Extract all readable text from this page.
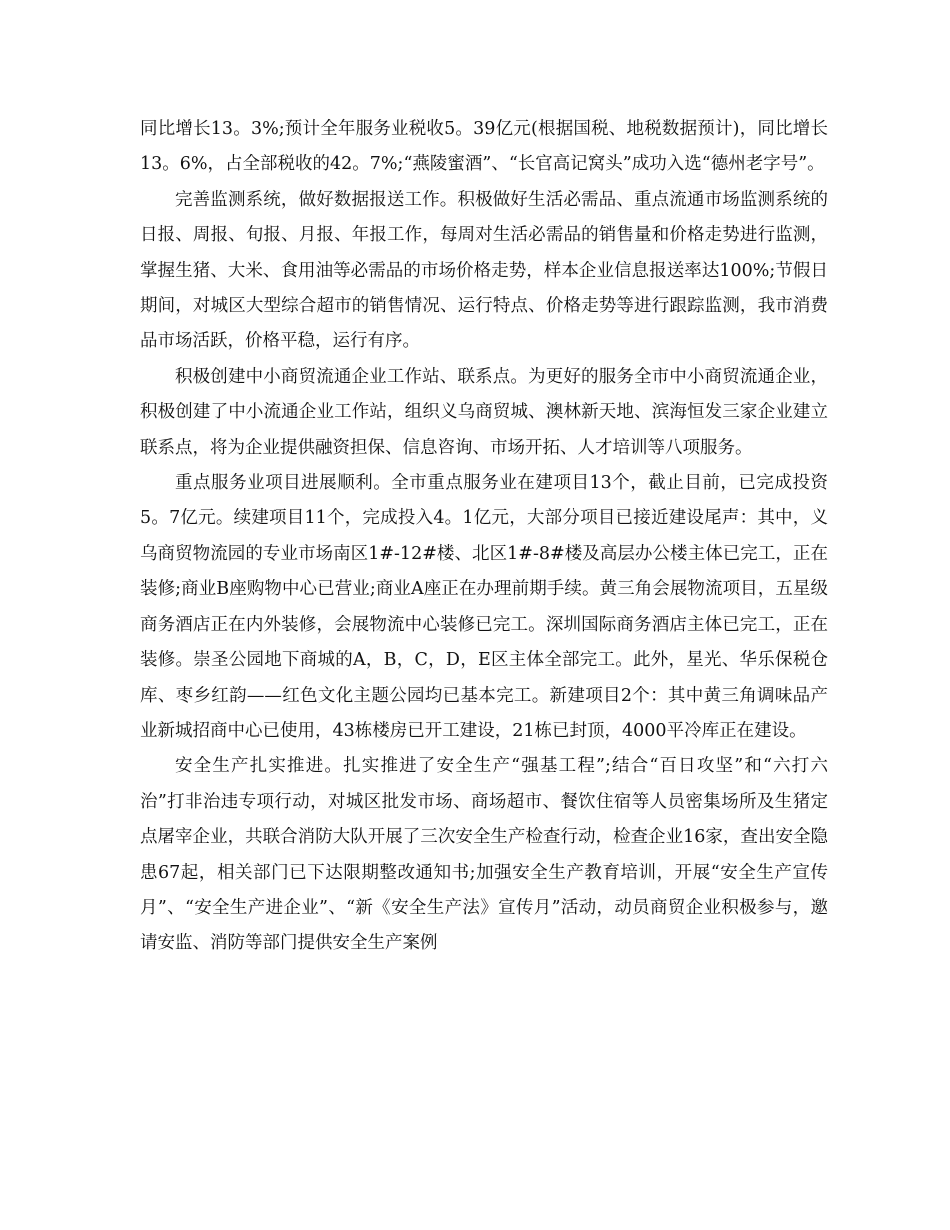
同比增长13。3%;预计全年服务业税收5。39亿元(根据国税、地税数据预计)，同比增长13。6%，占全部税收的42。7%;“燕陵蜜酒”、“长官高记窝头”成功入选“德州老字号”。

完善监测系统，做好数据报送工作。积极做好生活必需品、重点流通市场监测系统的日报、周报、旬报、月报、年报工作，每周对生活必需品的销售量和价格走势进行监测，掌握生猪、大米、食用油等必需品的市场价格走势，样本企业信息报送率达100%;节假日期间，对城区大型综合超市的销售情况、运行特点、价格走势等进行跟踪监测，我市消费品市场活跃，价格平稳，运行有序。

积极创建中小商贸流通企业工作站、联系点。为更好的服务全市中小商贸流通企业，积极创建了中小流通企业工作站，组织义乌商贸城、澳林新天地、滨海恒发三家企业建立联系点，将为企业提供融资担保、信息咨询、市场开拓、人才培训等八项服务。

重点服务业项目进展顺利。全市重点服务业在建项目13个，截止目前，已完成投资5。7亿元。续建项目11个，完成投入4。1亿元，大部分项目已接近建设尾声：其中，义乌商贸物流园的专业市场南区1#-12#楼、北区1#-8#楼及高层办公楼主体已完工，正在装修;商业B座购物中心已营业;商业A座正在办理前期手续。黄三角会展物流项目，五星级商务酒店正在内外装修，会展物流中心装修已完工。深圳国际商务酒店主体已完工，正在装修。崇圣公园地下商城的A，B，C，D，E区主体全部完工。此外，星光、华乐保税仓库、枣乡红韵——红色文化主题公园均已基本完工。新建项目2个：其中黄三角调味品产业新城招商中心已使用，43栋楼房已开工建设，21栋已封顶，4000平冷库正在建设。

安全生产扎实推进。扎实推进了安全生产“强基工程”;结合“百日攻坚”和“六打六治”打非治违专项行动，对城区批发市场、商场超市、餐饮住宿等人员密集场所及生猪定点屠宰企业，共联合消防大队开展了三次安全生产检查行动，检查企业16家，查出安全隐患67起，相关部门已下达限期整改通知书;加强安全生产教育培训，开展“安全生产宣传月”、“安全生产进企业”、“新《安全生产法》宣传月”活动，动员商贸企业积极参与，邀请安监、消防等部门提供安全生产案例
